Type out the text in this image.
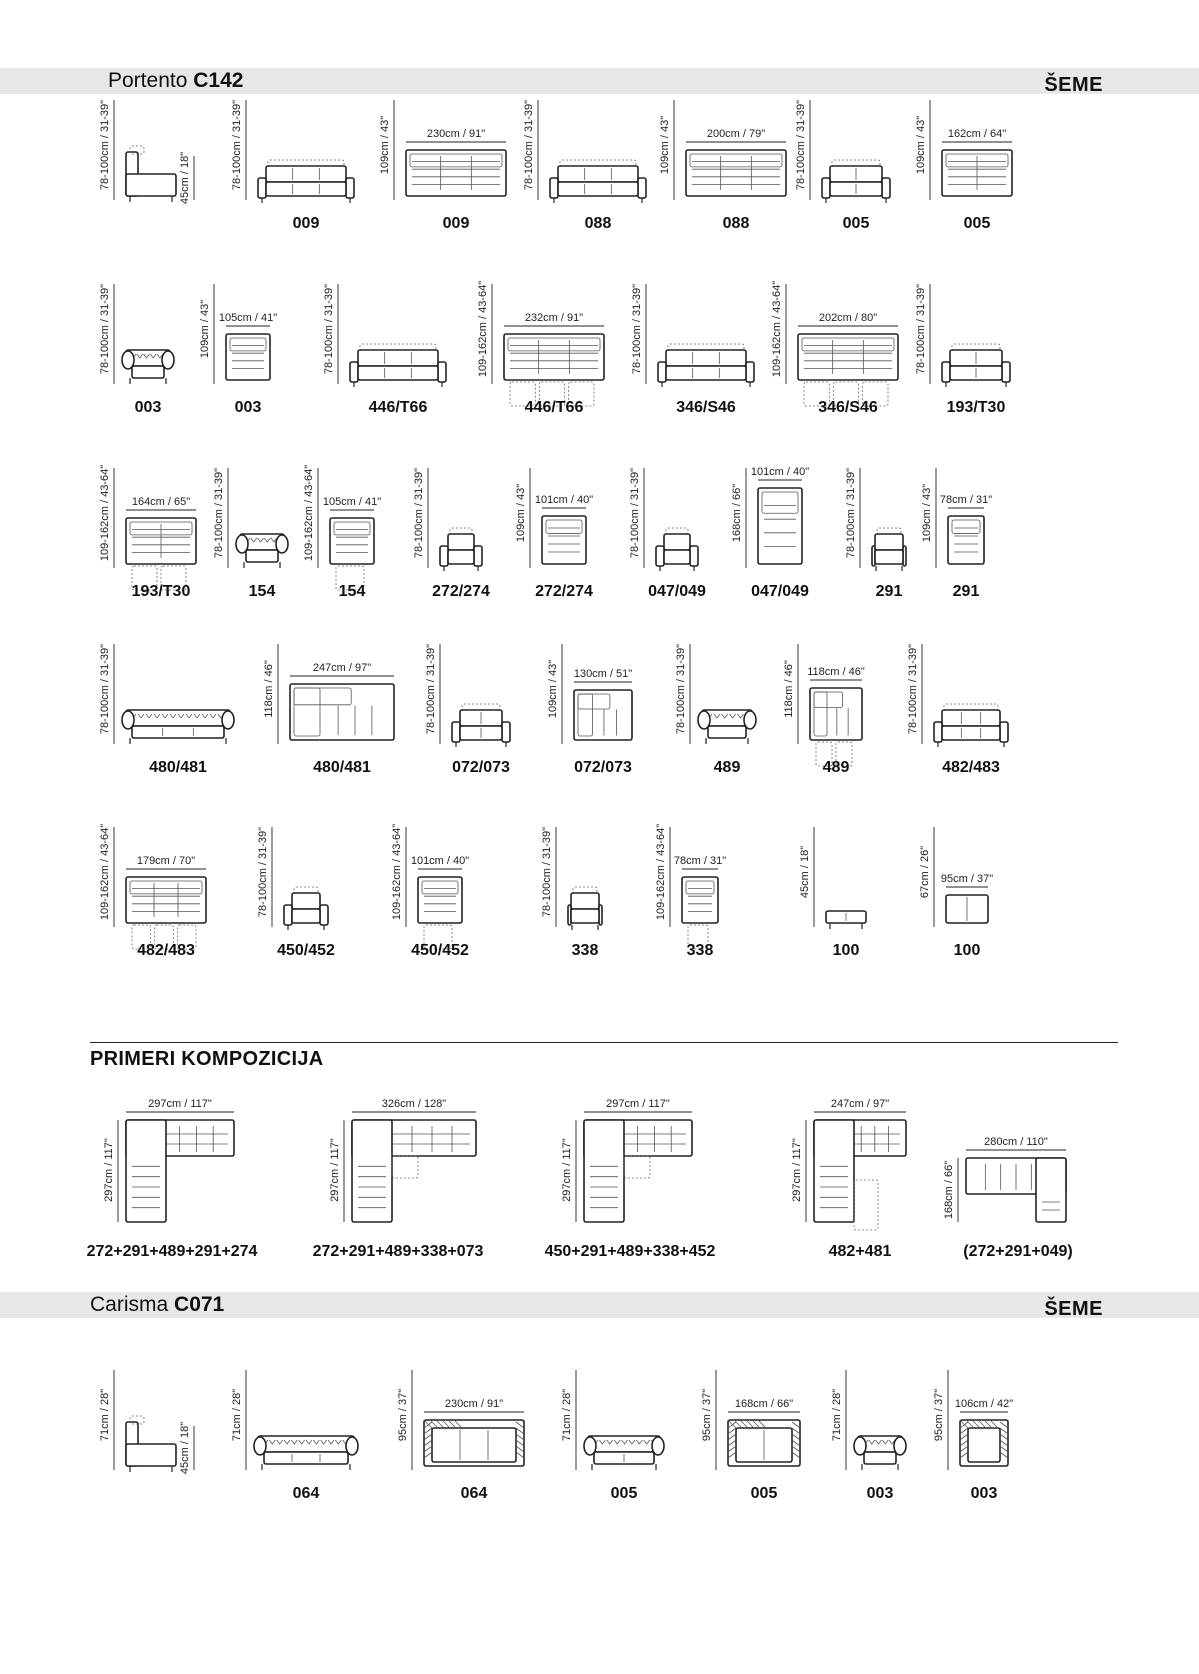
Portento C142	ŠEME
78-100cm / 31-39"	45cm / 18"	78-100cm / 31-39"
009
109cm / 43"	230cm / 91"
009
78-100cm / 31-39"
088
109cm / 43"	200cm / 79"
088
78-100cm / 31-39"
005
109cm / 43" 162cm / 64"
005
78-100cm / 31-39"
003
109cm / 43" 105cm / 41"
003
78-100cm / 31-39"
446/T66
109-162cm / 43-64"	232cm / 91"
446/T66
78-100cm / 31-39"
346/S46
109-162cm / 43-64"	202cm / 80"
346/S46
78-100cm / 31-39"
193/T30
109-162cm / 43-64" 164cm / 65"
193/T30
78-100cm / 31-39"
154
109-162cm / 43-64" 105cm / 41"
154
78-100cm / 31-39"
272/274
109cm / 43" 101cm / 40"
272/274
78-100cm / 31-39"
047/049
168cm / 66"
101cm / 40"
047/049
78-100cm / 31-39"
291
109cm / 43" 78cm / 31"
291
78-100cm / 31-39"
480/481
118cm / 46"	247cm / 97"
480/481
78-100cm / 31-39"
072/073
109cm / 43" 130cm / 51"
072/073
78-100cm / 31-39"
489
118cm / 46" 118cm / 46"
489
78-100cm / 31-39"
482/483
109-162cm / 43-64" 179cm / 70"
482/483
78-100cm / 31-39"
450/452
109-162cm / 43-64" 101cm / 40"
450/452
78-100cm / 31-39"
338
109-162cm / 43-64" 78cm / 31"
338
45cm / 18"
100
67cm / 26" 95cm / 37"
100
PRIMERI KOMPOZICIJA
297cm / 117"
297cm / 117"
272+291+489+291+274
326cm / 128"
297cm / 117"
272+291+489+338+073
297cm / 117"
297cm / 117"
450+291+489+338+452
247cm / 97"
297cm / 117"
482+481
280cm / 110"
168cm / 66"
(272+291+049)
Carisma C071	ŠEME
71cm / 28"
45cm / 18"
71cm / 28"
064
95cm / 37"	230cm / 91"
064
71cm / 28"
005
95cm / 37" 168cm / 66"
005
71cm / 28"
003
95cm / 37" 106cm / 42"
003
